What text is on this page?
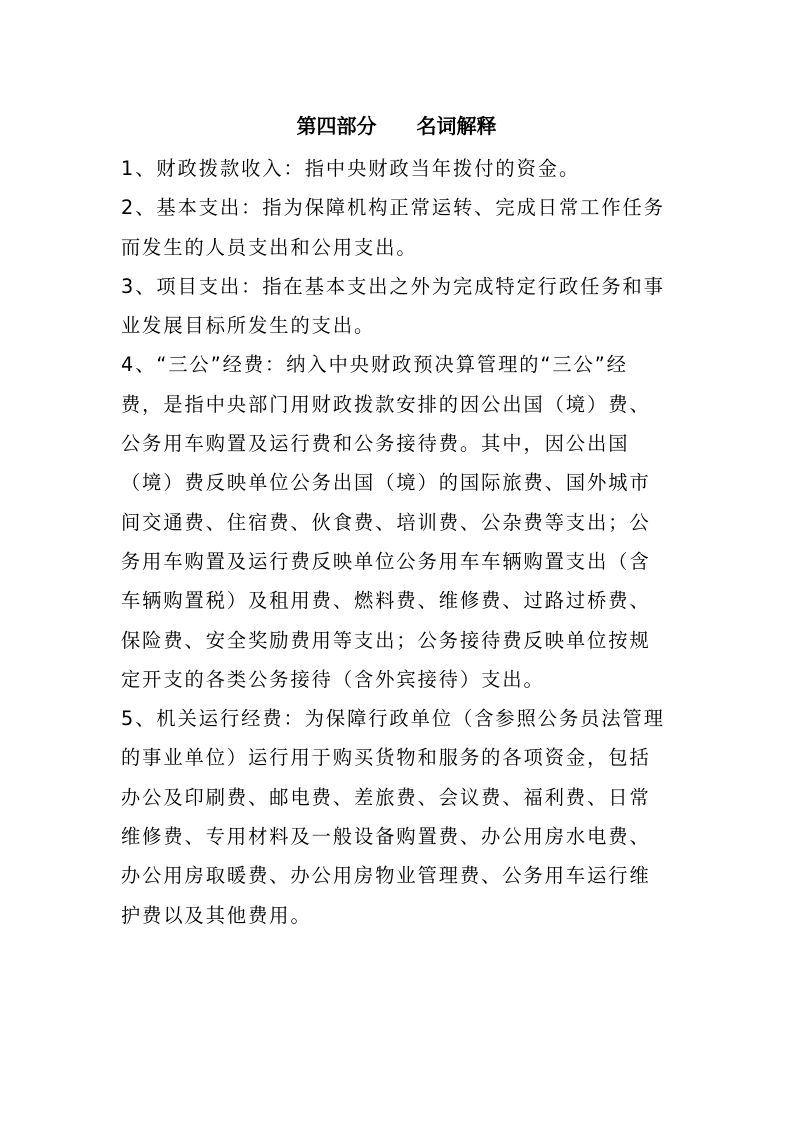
第四部分　　名词解释

1、财政拨款收入：指中央财政当年拨付的资金。

2、基本支出：指为保障机构正常运转、完成日常工作任务
而发生的人员支出和公用支出。

3、项目支出：指在基本支出之外为完成特定行政任务和事
业发展目标所发生的支出。

4、“三公”经费：纳入中央财政预决算管理的“三公”经
费，是指中央部门用财政拨款安排的因公出国（境）费、
公务用车购置及运行费和公务接待费。其中，因公出国
（境）费反映单位公务出国（境）的国际旅费、国外城市
间交通费、住宿费、伙食费、培训费、公杂费等支出；公
务用车购置及运行费反映单位公务用车车辆购置支出（含
车辆购置税）及租用费、燃料费、维修费、过路过桥费、
保险费、安全奖励费用等支出；公务接待费反映单位按规
定开支的各类公务接待（含外宾接待）支出。

5、机关运行经费：为保障行政单位（含参照公务员法管理
的事业单位）运行用于购买货物和服务的各项资金，包括
办公及印刷费、邮电费、差旅费、会议费、福利费、日常
维修费、专用材料及一般设备购置费、办公用房水电费、
办公用房取暖费、办公用房物业管理费、公务用车运行维
护费以及其他费用。
